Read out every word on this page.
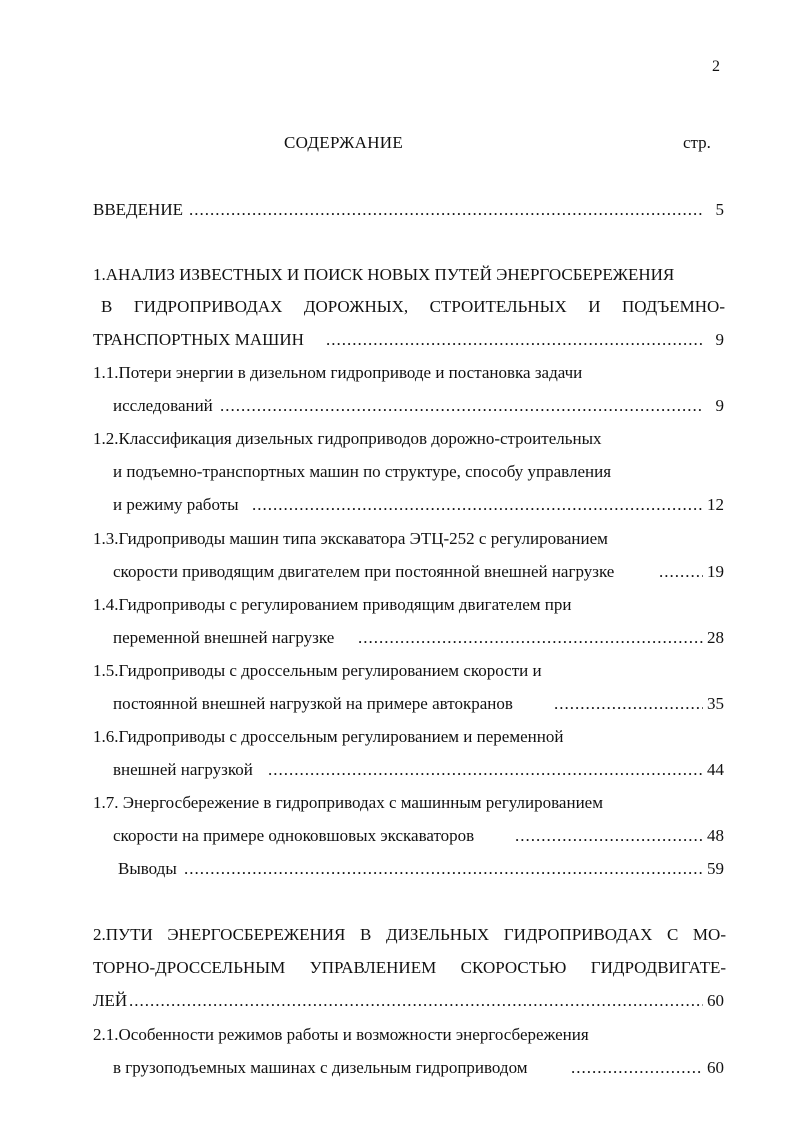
2
СОДЕРЖАНИЕ	стр.
ВВЕДЕНИЕ .....	5
1.АНАЛИЗ ИЗВЕСТНЫХ И ПОИСК НОВЫХ ПУТЕЙ ЭНЕРГОСБЕРЕЖЕНИЯ
В ГИДРОПРИВОДАХ ДОРОЖНЫХ, СТРОИТЕЛЬНЫХ И ПОДЪЕМНО-
ТРАНСПОРТНЫХ МАШИН .....	9
1.1.Потери энергии в дизельном гидроприводе и постановка задачи
исследований .....	9
1.2.Классификация дизельных гидроприводов дорожно-строительных
и подъемно-транспортных машин по структуре, способу управления
и режиму работы .....	12
1.3.Гидроприводы машин типа экскаватора ЭТЦ-252 с регулированием
скорости приводящим двигателем при постоянной внешней нагрузке .....	19
1.4.Гидроприводы с регулированием приводящим двигателем при
переменной внешней нагрузке .....	28
1.5.Гидроприводы с дроссельным регулированием скорости и
постоянной внешней нагрузкой на примере автокранов .....	35
1.6.Гидроприводы с дроссельным регулированием и переменной
внешней нагрузкой .....	44
1.7. Энергосбережение в гидроприводах с машинным регулированием
скорости на примере одноковшовых экскаваторов .....	48
Выводы .....	59
2.ПУТИ ЭНЕРГОСБЕРЕЖЕНИЯ В ДИЗЕЛЬНЫХ ГИДРОПРИВОДАХ С МО-
ТОРНО-ДРОССЕЛЬНЫМ УПРАВЛЕНИЕМ СКОРОСТЬЮ ГИДРОДВИГАТЕ-
ЛЕЙ .....	60
2.1.Особенности режимов работы и возможности энергосбережения
в грузоподъемных машинах с дизельным гидроприводом .....	60
